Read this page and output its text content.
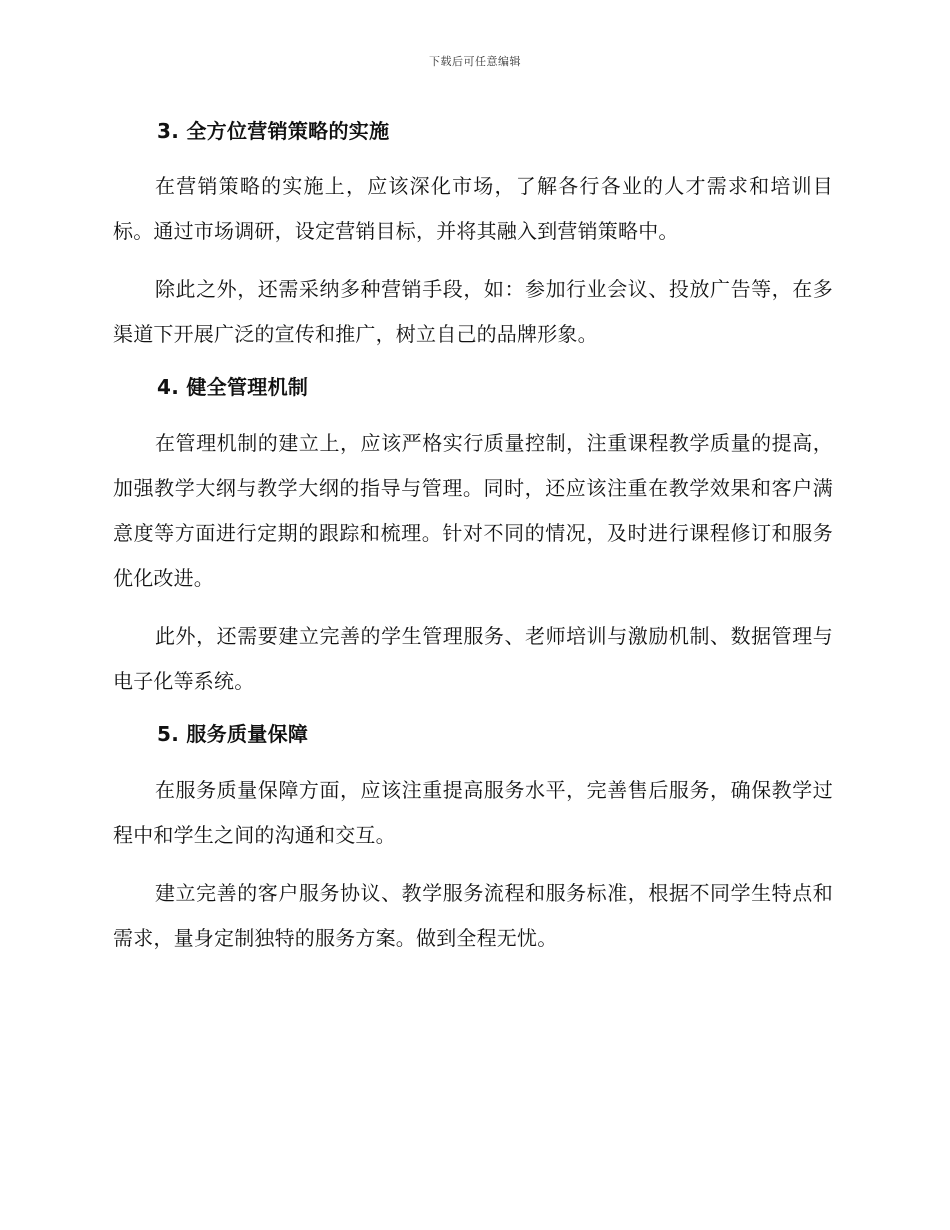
下载后可任意编辑
3. 全方位营销策略的实施

在营销策略的实施上，应该深化市场，了解各行各业的人才需求和培训目标。通过市场调研，设定营销目标，并将其融入到营销策略中。

除此之外，还需采纳多种营销手段，如：参加行业会议、投放广告等，在多渠道下开展广泛的宣传和推广，树立自己的品牌形象。

4. 健全管理机制

在管理机制的建立上，应该严格实行质量控制，注重课程教学质量的提高，加强教学大纲与教学大纲的指导与管理。同时，还应该注重在教学效果和客户满意度等方面进行定期的跟踪和梳理。针对不同的情况，及时进行课程修订和服务优化改进。

此外，还需要建立完善的学生管理服务、老师培训与激励机制、数据管理与电子化等系统。

5. 服务质量保障

在服务质量保障方面，应该注重提高服务水平，完善售后服务，确保教学过程中和学生之间的沟通和交互。

建立完善的客户服务协议、教学服务流程和服务标准，根据不同学生特点和需求，量身定制独特的服务方案。做到全程无忧。
